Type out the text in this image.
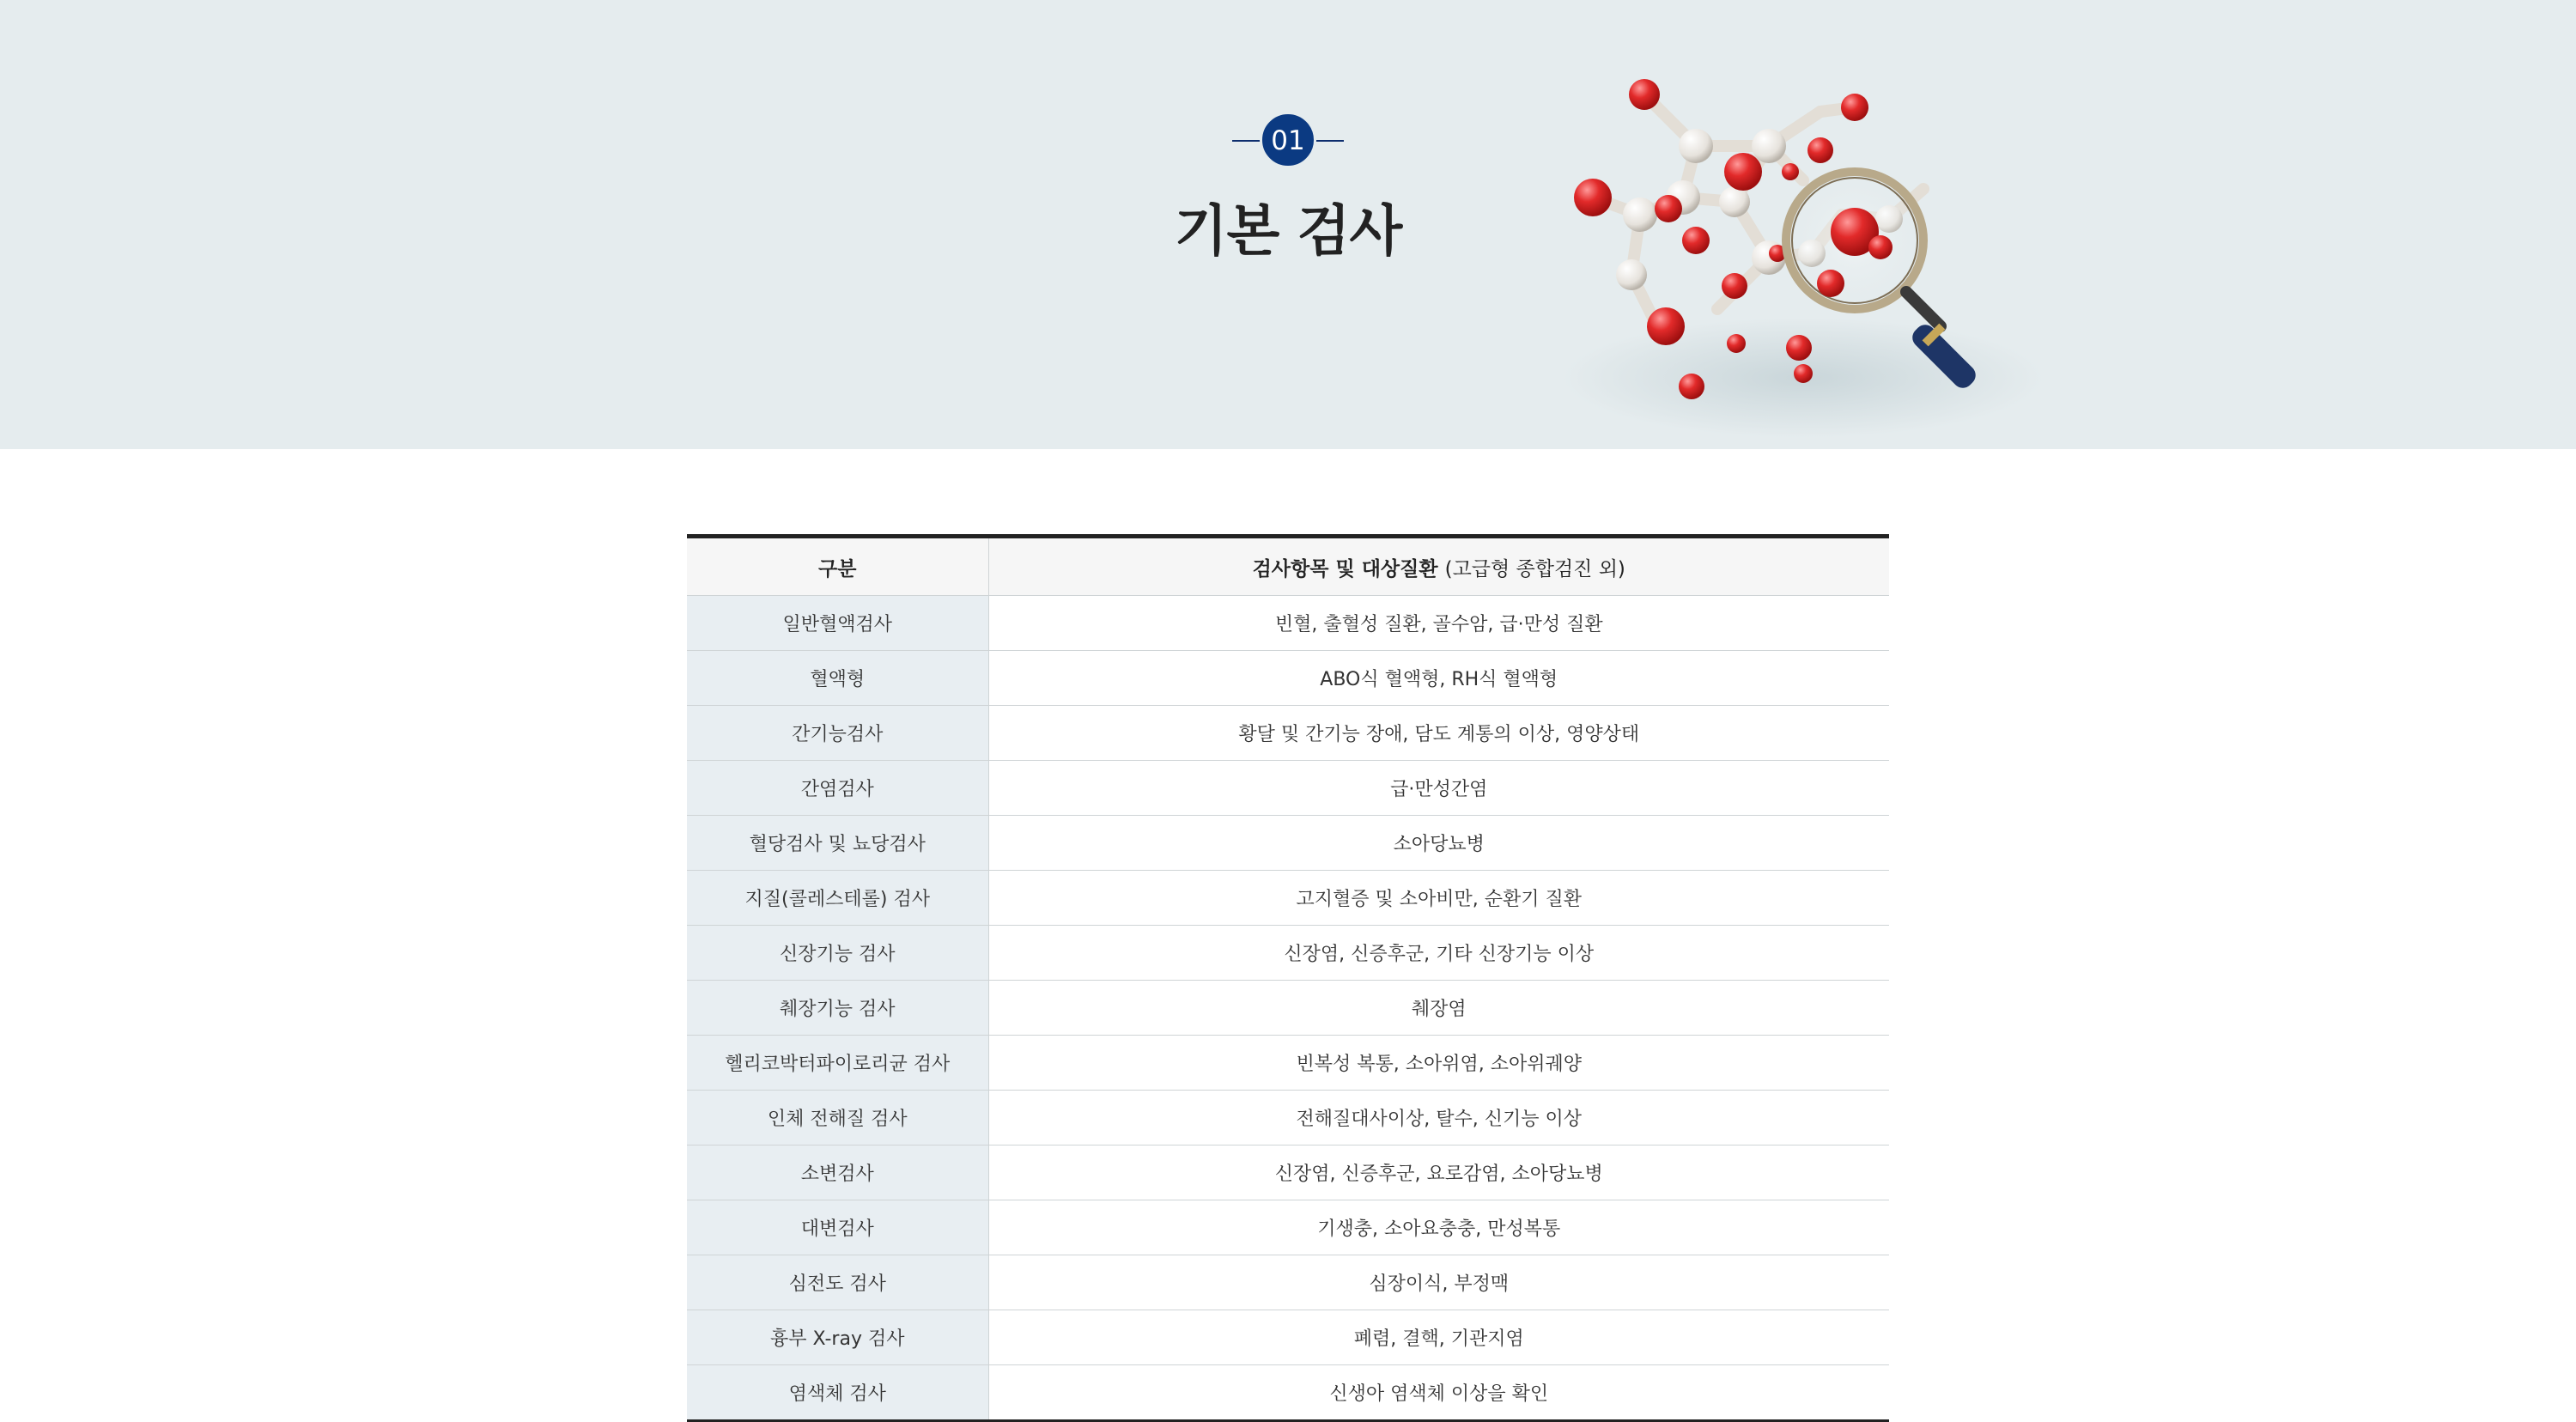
01
기본 검사
구분	검사항목 및 대상질환 (고급형 종합검진 외)
일반혈액검사	빈혈, 출혈성 질환, 골수암, 급·만성 질환
혈액형	ABO식 혈액형, RH식 혈액형
간기능검사	황달 및 간기능 장애, 담도 계통의 이상, 영양상태
간염검사	급·만성간염
혈당검사 및 뇨당검사	소아당뇨병
지질(콜레스테롤) 검사	고지혈증 및 소아비만, 순환기 질환
신장기능 검사	신장염, 신증후군, 기타 신장기능 이상
췌장기능 검사	췌장염
헬리코박터파이로리균 검사	빈복성 복통, 소아위염, 소아위궤양
인체 전해질 검사	전해질대사이상, 탈수, 신기능 이상
소변검사	신장염, 신증후군, 요로감염, 소아당뇨병
대변검사	기생충, 소아요충충, 만성복통
심전도 검사	심장이식, 부정맥
흉부 X-ray 검사	폐렴, 결핵, 기관지염
염색체 검사	신생아 염색체 이상을 확인
